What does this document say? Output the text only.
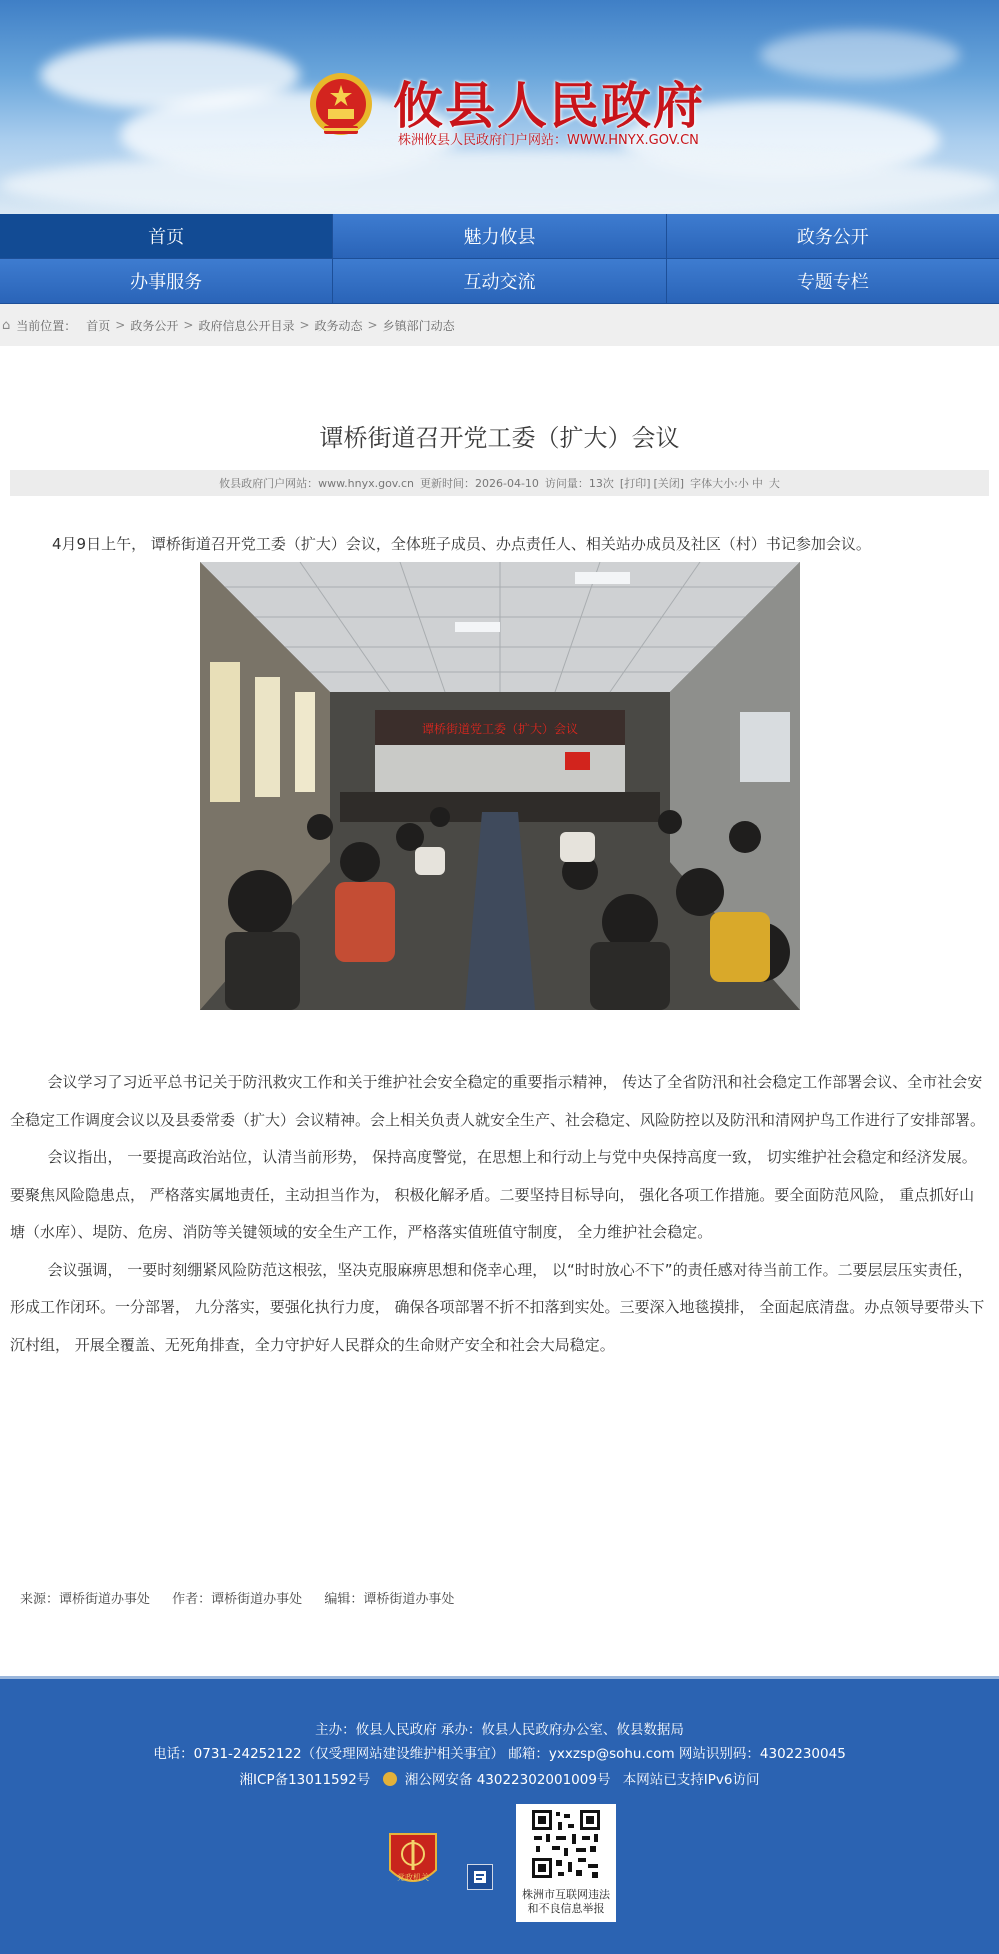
攸县人民政府
株洲攸县人民政府门户网站：WWW.HNYX.GOV.CN
首页	魅力攸县	政务公开
办事服务	互动交流	专题专栏
⌂ 当前位置： 首页 > 政务公开 > 政府信息公开目录 > 政务动态 > 乡镇部门动态
谭桥街道召开党工委（扩大）会议
攸县政府门户网站：www.hnyx.gov.cn 更新时间：2026-04-10 访问量：13次 [打印] [关闭] 字体大小: 小 中 大
4月9日上午， 谭桥街道召开党工委（扩大）会议，全体班子成员、办点责任人、相关站办成员及社区（村）书记参加会议。
谭桥街道党工委（扩大）会议

会议学习了习近平总书记关于防汛救灾工作和关于维护社会安全稳定的重要指示精神， 传达了全省防汛和社会稳定工作部署会议、全市社会安全稳定工作调度会议以及县委常委（扩大）会议精神。会上相关负责人就安全生产、社会稳定、风险防控以及防汛和清网护鸟工作进行了安排部署。

会议指出， 一要提高政治站位，认清当前形势， 保持高度警觉，在思想上和行动上与党中央保持高度一致， 切实维护社会稳定和经济发展。要聚焦风险隐患点， 严格落实属地责任，主动担当作为， 积极化解矛盾。二要坚持目标导向， 强化各项工作措施。要全面防范风险， 重点抓好山塘（水库）、堤防、危房、消防等关键领域的安全生产工作，严格落实值班值守制度， 全力维护社会稳定。

会议强调， 一要时刻绷紧风险防范这根弦，坚决克服麻痹思想和侥幸心理， 以“时时放心不下”的责任感对待当前工作。二要层层压实责任， 形成工作闭环。一分部署， 九分落实，要强化执行力度， 确保各项部署不折不扣落到实处。三要深入地毯摸排， 全面起底清盘。办点领导要带头下沉村组， 开展全覆盖、无死角排查，全力守护好人民群众的生命财产安全和社会大局稳定。

来源：谭桥街道办事处 作者：谭桥街道办事处 编辑：谭桥街道办事处
主办：攸县人民政府 承办：攸县人民政府办公室、攸县数据局
电话：0731-24252122（仅受理网站建设维护相关事宜） 邮箱：yxxzsp@sohu.com 网站识别码：4302230045
湘ICP备13011592号	湘公网安备 43022302001009号 本网站已支持IPv6访问
党政机关
株洲市互联网违法
和不良信息举报
